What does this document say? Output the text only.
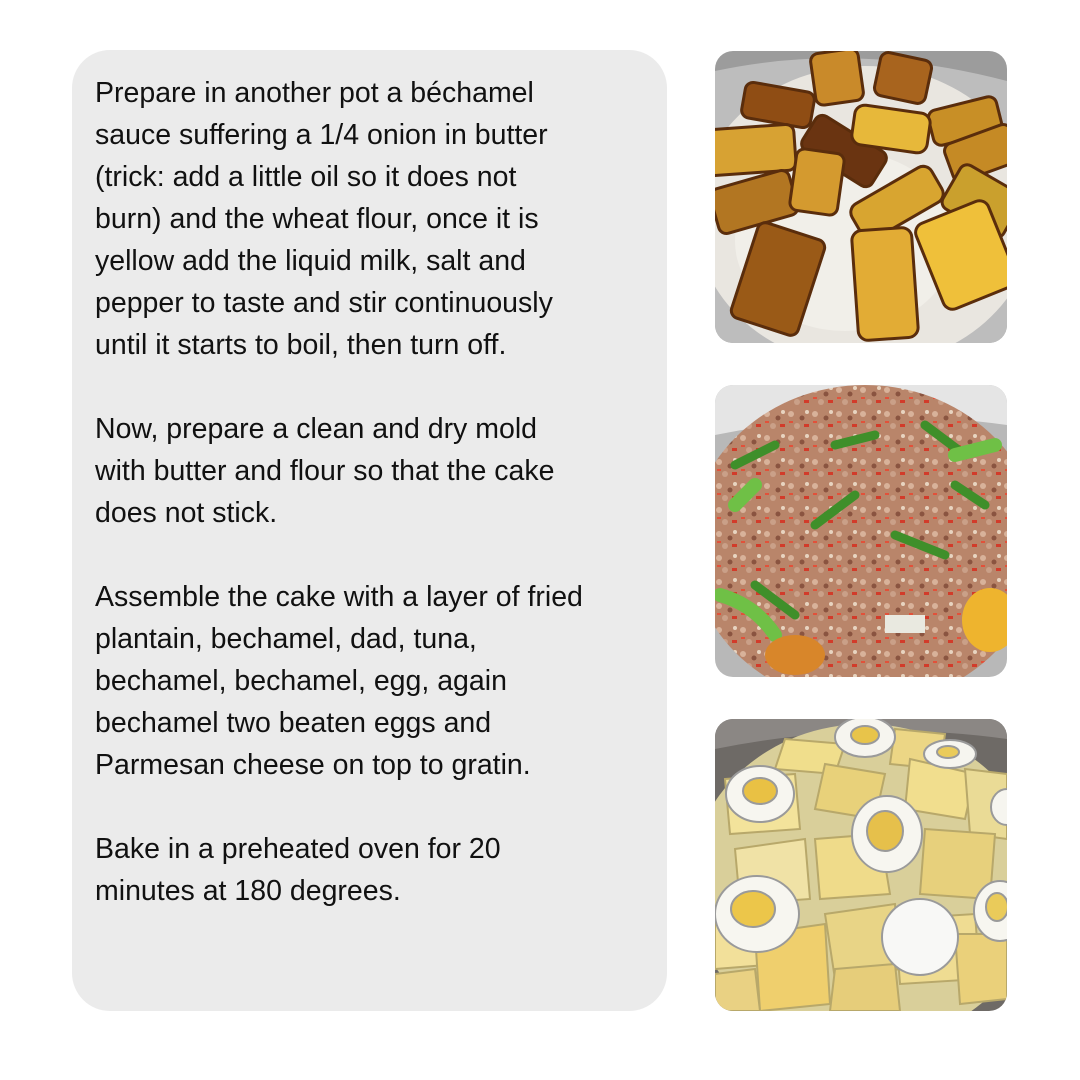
Prepare in another pot a béchamel
sauce suffering a 1/4 onion in butter
(trick: add a little oil so it does not
burn) and the wheat flour, once it is
yellow add the liquid milk, salt and
pepper to taste and stir continuously
until it starts to boil, then turn off.

Now, prepare a clean and dry mold
with butter and flour so that the cake
does not stick.

Assemble the cake with a layer of fried
plantain, bechamel, dad, tuna,
bechamel, bechamel, egg, again
bechamel two beaten eggs and
Parmesan cheese on top to gratin.

Bake in a preheated oven for 20
minutes at 180 degrees.
